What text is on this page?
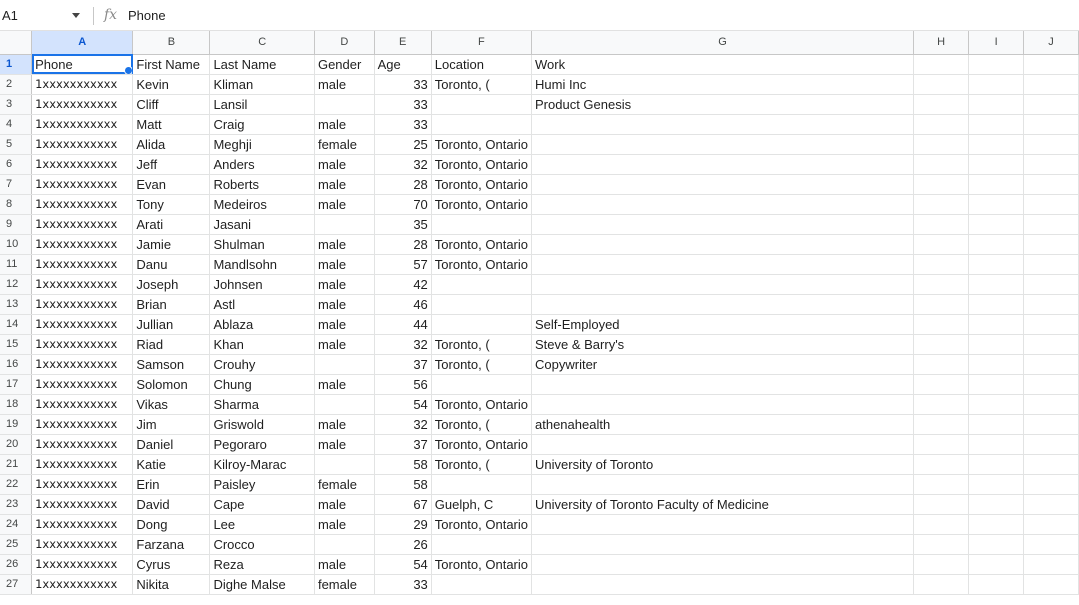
A1	fx Phone
	A	B	C	D	E	F	G	H	I	J
1	Phone	First Name	Last Name	Gender	Age	Location	Work			
2	1xxxxxxxxxxx	Kevin	Kliman	male	33	Toronto, (	Humi Inc			
3	1xxxxxxxxxxx	Cliff	Lansil		33		Product Genesis			
4	1xxxxxxxxxxx	Matt	Craig	male	33					
5	1xxxxxxxxxxx	Alida	Meghji	female	25	Toronto, Ontario				
6	1xxxxxxxxxxx	Jeff	Anders	male	32	Toronto, Ontario				
7	1xxxxxxxxxxx	Evan	Roberts	male	28	Toronto, Ontario				
8	1xxxxxxxxxxx	Tony	Medeiros	male	70	Toronto, Ontario				
9	1xxxxxxxxxxx	Arati	Jasani		35					
10	1xxxxxxxxxxx	Jamie	Shulman	male	28	Toronto, Ontario				
11	1xxxxxxxxxxx	Danu	Mandlsohn	male	57	Toronto, Ontario				
12	1xxxxxxxxxxx	Joseph	Johnsen	male	42					
13	1xxxxxxxxxxx	Brian	Astl	male	46					
14	1xxxxxxxxxxx	Jullian	Ablaza	male	44		Self-Employed			
15	1xxxxxxxxxxx	Riad	Khan	male	32	Toronto, (	Steve & Barry's			
16	1xxxxxxxxxxx	Samson	Crouhy		37	Toronto, (	Copywriter			
17	1xxxxxxxxxxx	Solomon	Chung	male	56					
18	1xxxxxxxxxxx	Vikas	Sharma		54	Toronto, Ontario				
19	1xxxxxxxxxxx	Jim	Griswold	male	32	Toronto, (	athenahealth			
20	1xxxxxxxxxxx	Daniel	Pegoraro	male	37	Toronto, Ontario				
21	1xxxxxxxxxxx	Katie	Kilroy-Marac		58	Toronto, (	University of Toronto			
22	1xxxxxxxxxxx	Erin	Paisley	female	58					
23	1xxxxxxxxxxx	David	Cape	male	67	Guelph, C	University of Toronto Faculty of Medicine			
24	1xxxxxxxxxxx	Dong	Lee	male	29	Toronto, Ontario				
25	1xxxxxxxxxxx	Farzana	Crocco		26					
26	1xxxxxxxxxxx	Cyrus	Reza	male	54	Toronto, Ontario				
27	1xxxxxxxxxxx	Nikita	Dighe Malse	female	33					
